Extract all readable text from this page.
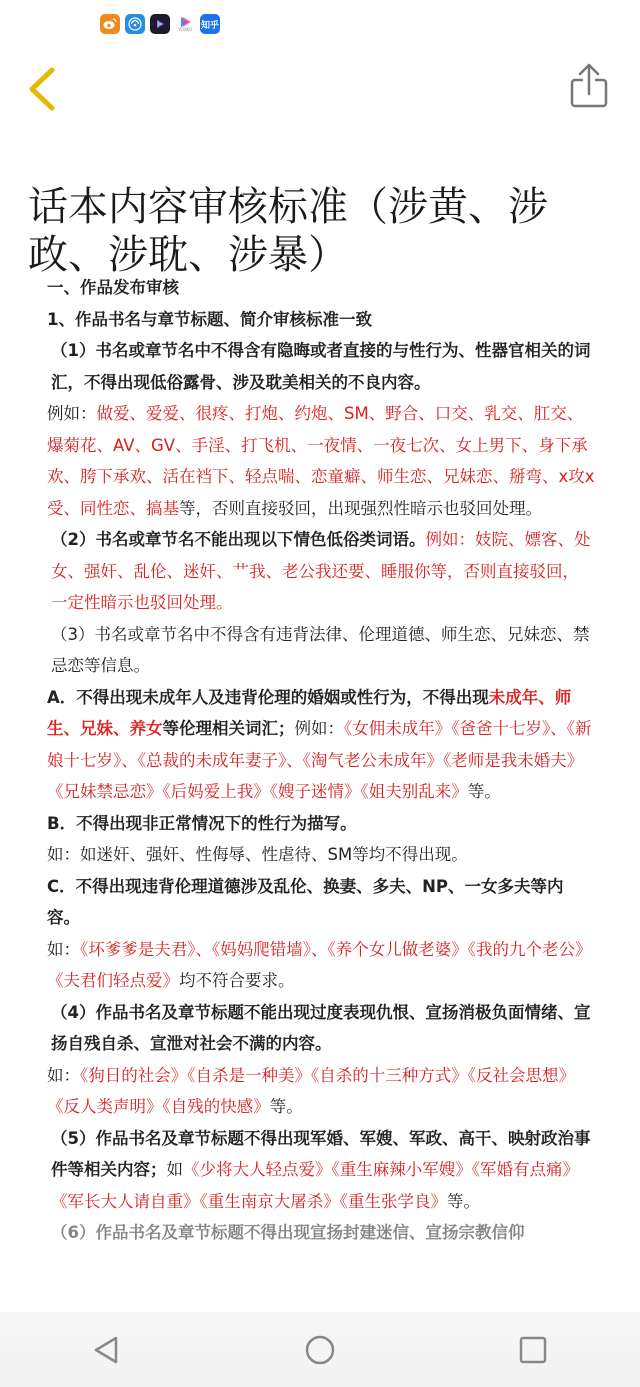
YOUKU 知乎
话本内容审核标准（涉黄、涉政、涉耽、涉暴）

一、作品发布审核

1、作品书名与章节标题、简介审核标准一致

（1）书名或章节名中不得含有隐晦或者直接的与性行为、性器官相关的词汇，不得出现低俗露骨、涉及耽美相关的不良内容。

例如：做爱、爱爱、很疼、打炮、约炮、SM、野合、口交、乳交、肛交、爆菊花、AV、GV、手淫、打飞机、一夜情、一夜七次、女上男下、身下承欢、胯下承欢、活在裆下、轻点喘、恋童癖、师生恋、兄妹恋、掰弯、x攻x受、同性恋、搞基等，否则直接驳回，出现强烈性暗示也驳回处理。

（2）书名或章节名不能出现以下情色低俗类词语。例如：妓院、嫖客、处女、强奸、乱伦、迷奸、艹我、老公我还要、睡服你等，否则直接驳回，一定性暗示也驳回处理。

（3）书名或章节名中不得含有违背法律、伦理道德、师生恋、兄妹恋、禁忌恋等信息。

A．不得出现未成年人及违背伦理的婚姻或性行为，不得出现未成年、师生、兄妹、养女等伦理相关词汇；例如：《女佣未成年》《爸爸十七岁》、《新娘十七岁》、《总裁的未成年妻子》、《淘气老公未成年》《老师是我未婚夫》《兄妹禁忌恋》《后妈爱上我》《嫂子迷情》《姐夫别乱来》等。

B．不得出现非正常情况下的性行为描写。

如：如迷奸、强奸、性侮辱、性虐待、SM等均不得出现。

C．不得出现违背伦理道德涉及乱伦、换妻、多夫、NP、一女多夫等内容。

如：《坏爹爹是夫君》、《妈妈爬错墙》、《养个女儿做老婆》《我的九个老公》《夫君们轻点爱》均不符合要求。

（4）作品书名及章节标题不能出现过度表现仇恨、宣扬消极负面情绪、宣扬自残自杀、宣泄对社会不满的内容。

如：《狗日的社会》《自杀是一种美》《自杀的十三种方式》《反社会思想》《反人类声明》《自残的快感》等。

（5）作品书名及章节标题不得出现军婚、军嫂、军政、高干、映射政治事件等相关内容；如《少将大人轻点爱》《重生麻辣小军嫂》《军婚有点痛》《军长大人请自重》《重生南京大屠杀》《重生张学良》等。

（6）作品书名及章节标题不得出现宣扬封建迷信、宣扬宗教信仰
